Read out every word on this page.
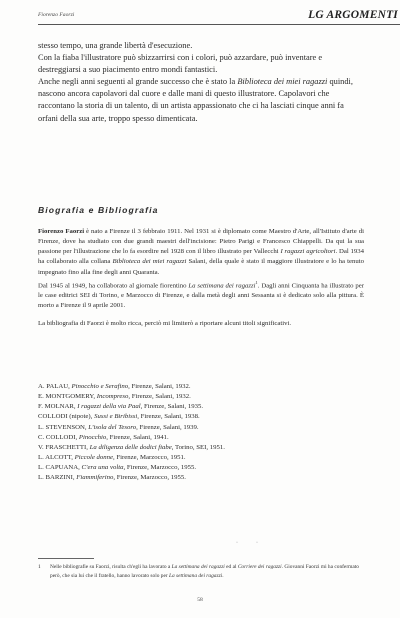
Fiorenzo Faorzi	LG ARGOMENTI

stesso tempo, una grande libertà d'esecuzione.

Con la fiaba l'illustratore può sbizzarrirsi con i colori, può azzardare, può inventare e destreggiarsi a suo piacimento entro mondi fantastici.

Anche negli anni seguenti al grande successo che è stato la Biblioteca dei miei ragazzi quindi, nascono ancora capolavori dal cuore e dalle mani di questo illustratore. Capolavori che raccontano la storia di un talento, di un artista appassionato che ci ha lasciati cinque anni fa orfani della sua arte, troppo spesso dimenticata.

Biografia e Bibliografia

Fiorenzo Faorzi è nato a Firenze il 3 febbraio 1911. Nel 1931 si è diplomato come Maestro d'Arte, all'Istituto d'arte di Firenze, dove ha studiato con due grandi maestri dell'incisione: Pietro Parigi e Francesco Chiappelli. Da qui la sua passione per l'illustrazione che lo fa esordire nel 1928 con il libro illustrato per Vallecchi I ragazzi agricoltori. Dal 1934 ha collaborato alla collana Biblioteca dei miei ragazzi Salani, della quale è stato il maggiore illustratore e lo ha tenuto impegnato fino alla fine degli anni Quaranta.

Dal 1945 al 1949, ha collaborato al giornale fiorentino La settimana dei ragazzi$^1$. Dagli anni Cinquanta ha illustrato per le case editrici SEI di Torino, e Marzocco di Firenze, e dalla metà degli anni Sessanta si è dedicato solo alla pittura. È morto a Firenze il 9 aprile 2001.

La bibliografia di Faorzi è molto ricca, perciò mi limiterò a riportare alcuni titoli significativi.

A. PALAU, Pinocchio e Serafino, Firenze, Salani, 1932.
E. MONTGOMERY, Incompreso, Firenze, Salani, 1932.
F. MOLNAR, I ragazzi della via Paal, Firenze, Salani, 1935.
COLLODI (nipote), Sussi e Biribissi, Firenze, Salani, 1938.
L. STEVENSON, L'isola del Tesoro, Firenze, Salani, 1939.
C. COLLODI, Pinocchio, Firenze, Salani, 1941.
V. FRASCHETTI, La diligenza delle dodici fiabe, Torino, SEI, 1951.
L. ALCOTT, Piccole donne, Firenze, Marzocco, 1951.
L. CAPUANA, C'era una volta, Firenze, Marzocco, 1955.
L. BARZINI, Fiammiferino, Firenze, Marzocco, 1955.
·            ·
1	Nelle bibliografie su Faorzi, risulta ch'egli ha lavorato a La settimana dei ragazzi ed al Corriere dei ragazzi. Giovanni Faorzi mi ha confermato però, che sia lui che il fratello, hanno lavorato solo per La settimana dei ragazzi.
58
